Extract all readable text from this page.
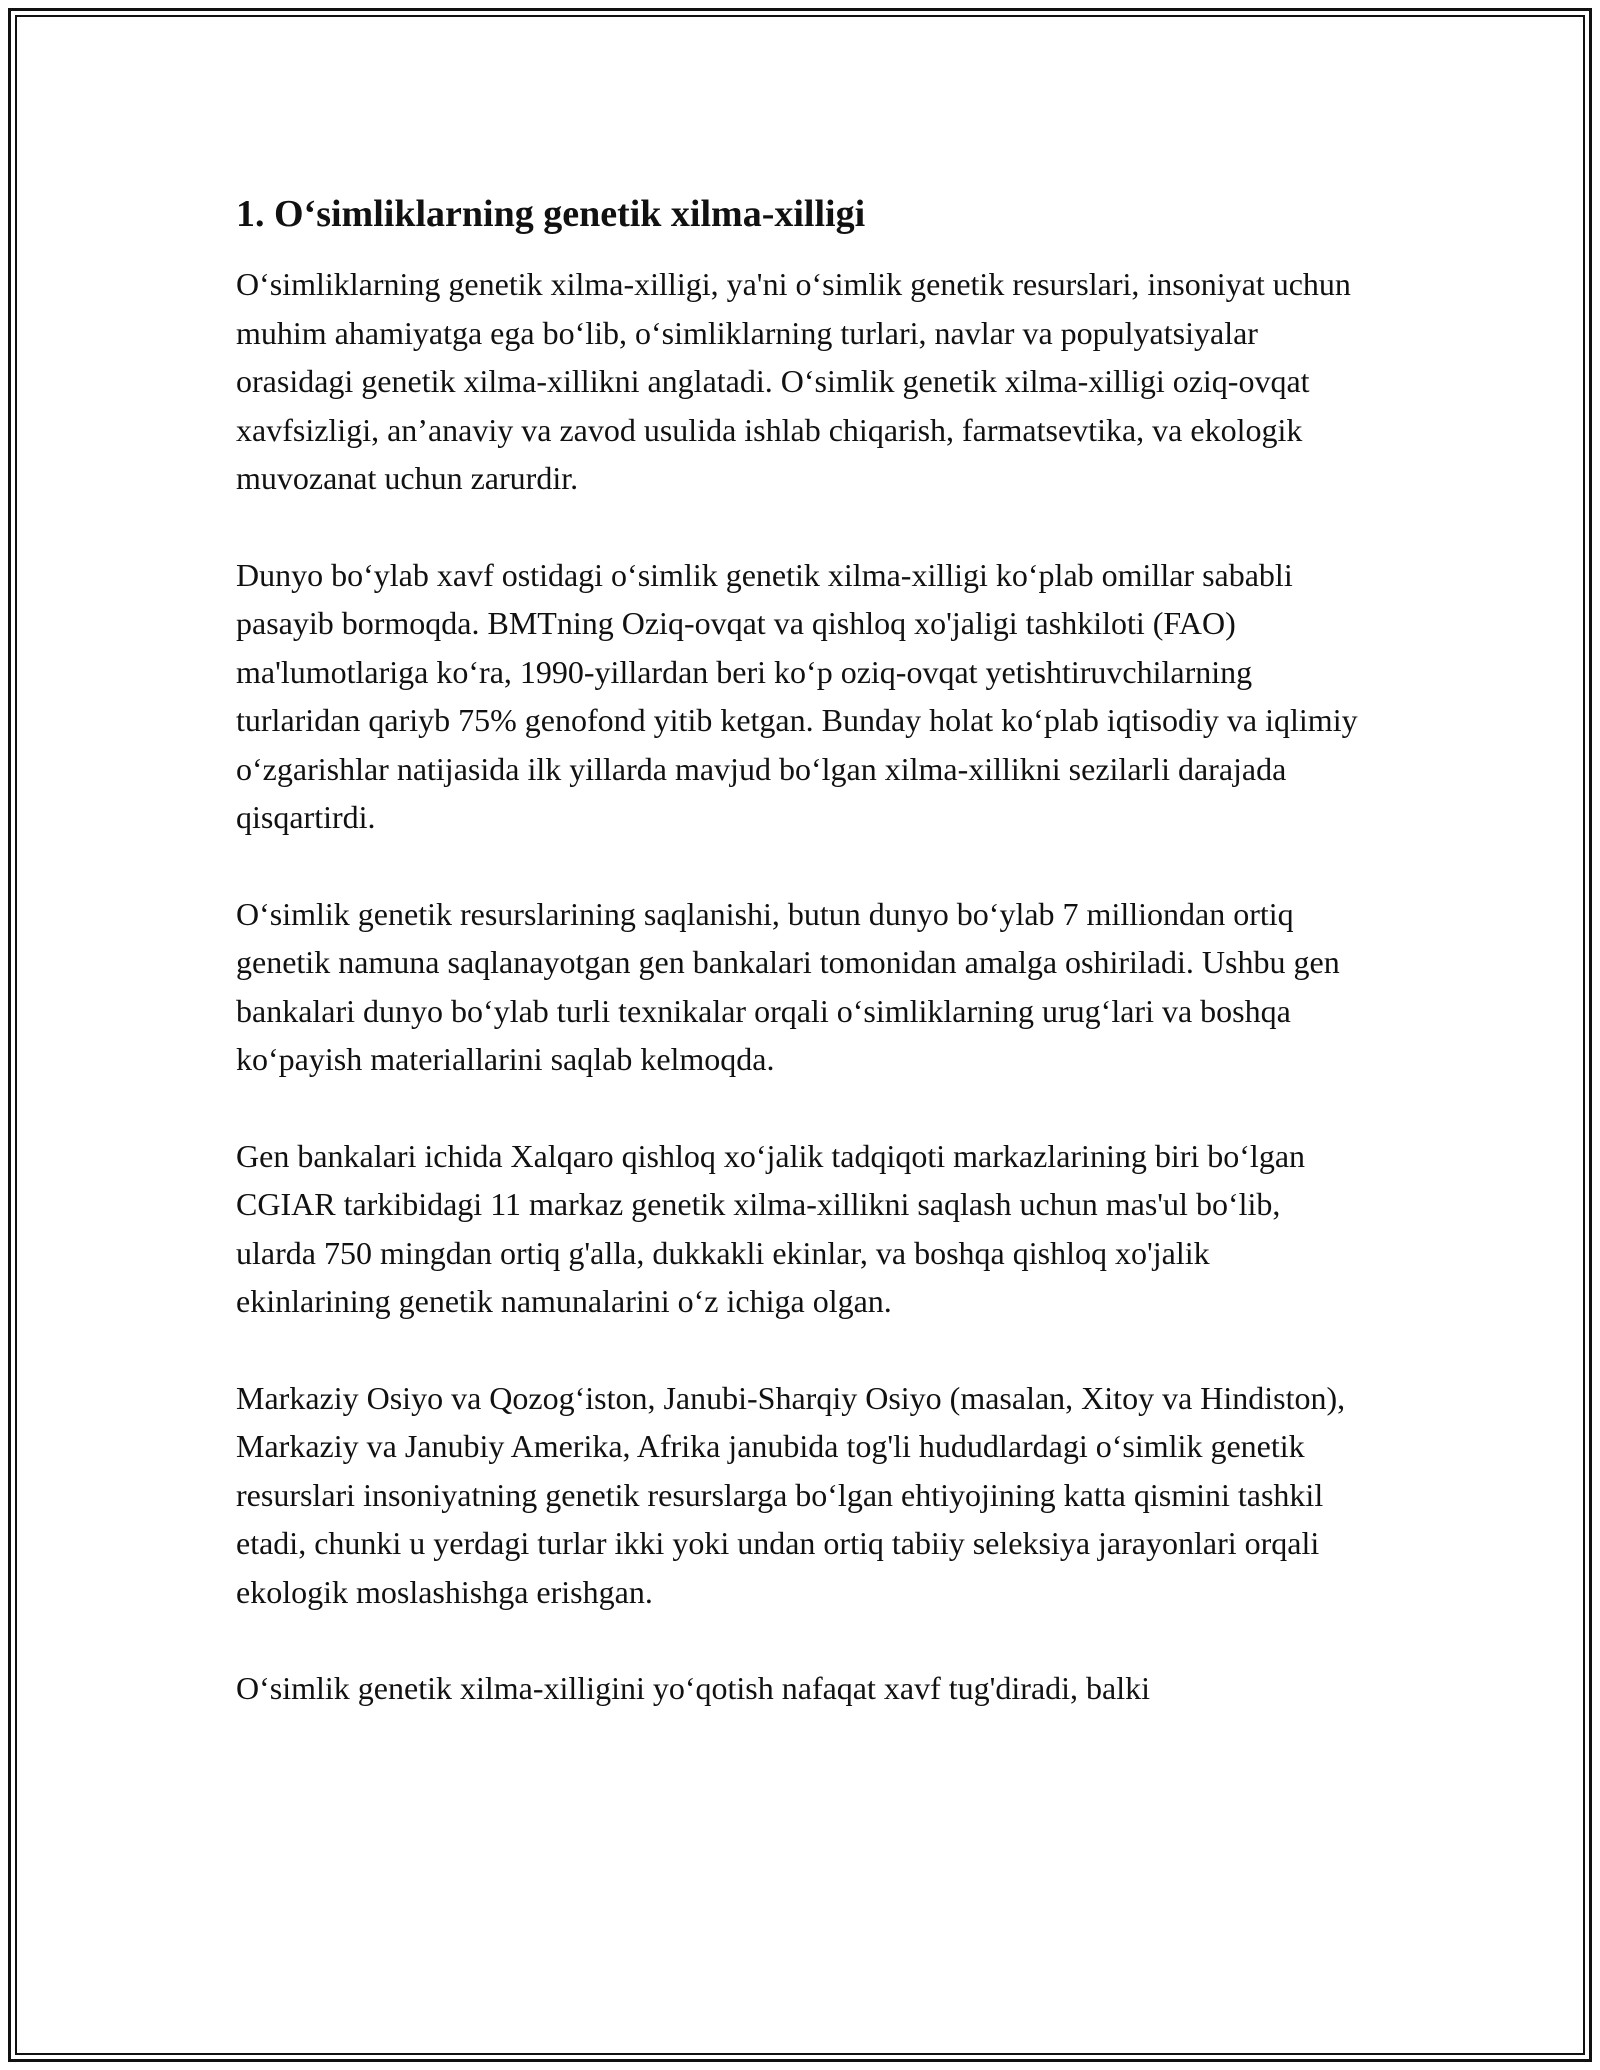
1. O‘simliklarning genetik xilma-xilligi

O‘simliklarning genetik xilma-xilligi, ya'ni o‘simlik genetik resurslari, insoniyat uchun muhim ahamiyatga ega bo‘lib, o‘simliklarning turlari, navlar va populyatsiyalar orasidagi genetik xilma-xillikni anglatadi. O‘simlik genetik xilma-xilligi oziq-ovqat xavfsizligi, an’anaviy va zavod usulida ishlab chiqarish, farmatsevtika, va ekologik muvozanat uchun zarurdir.

Dunyo bo‘ylab xavf ostidagi o‘simlik genetik xilma-xilligi ko‘plab omillar sababli pasayib bormoqda. BMTning Oziq-ovqat va qishloq xo'jaligi tashkiloti (FAO) ma'lumotlariga ko‘ra, 1990-yillardan beri ko‘p oziq-ovqat yetishtiruvchilarning turlaridan qariyb 75% genofond yitib ketgan. Bunday holat ko‘plab iqtisodiy va iqlimiy o‘zgarishlar natijasida ilk yillarda mavjud bo‘lgan xilma-xillikni sezilarli darajada qisqartirdi.

O‘simlik genetik resurslarining saqlanishi, butun dunyo bo‘ylab 7 milliondan ortiq genetik namuna saqlanayotgan gen bankalari tomonidan amalga oshiriladi. Ushbu gen bankalari dunyo bo‘ylab turli texnikalar orqali o‘simliklarning urug‘lari va boshqa ko‘payish materiallarini saqlab kelmoqda.

Gen bankalari ichida Xalqaro qishloq xo‘jalik tadqiqoti markazlarining biri bo‘lgan CGIAR tarkibidagi 11 markaz genetik xilma-xillikni saqlash uchun mas'ul bo‘lib, ularda 750 mingdan ortiq g'alla, dukkakli ekinlar, va boshqa qishloq xo'jalik ekinlarining genetik namunalarini o‘z ichiga olgan.

Markaziy Osiyo va Qozog‘iston, Janubi-Sharqiy Osiyo (masalan, Xitoy va Hindiston), Markaziy va Janubiy Amerika, Afrika janubida tog'li hududlardagi o‘simlik genetik resurslari insoniyatning genetik resurslarga bo‘lgan ehtiyojining katta qismini tashkil etadi, chunki u yerdagi turlar ikki yoki undan ortiq tabiiy seleksiya jarayonlari orqali ekologik moslashishga erishgan.

O‘simlik genetik xilma-xilligini yo‘qotish nafaqat xavf tug'diradi, balki
